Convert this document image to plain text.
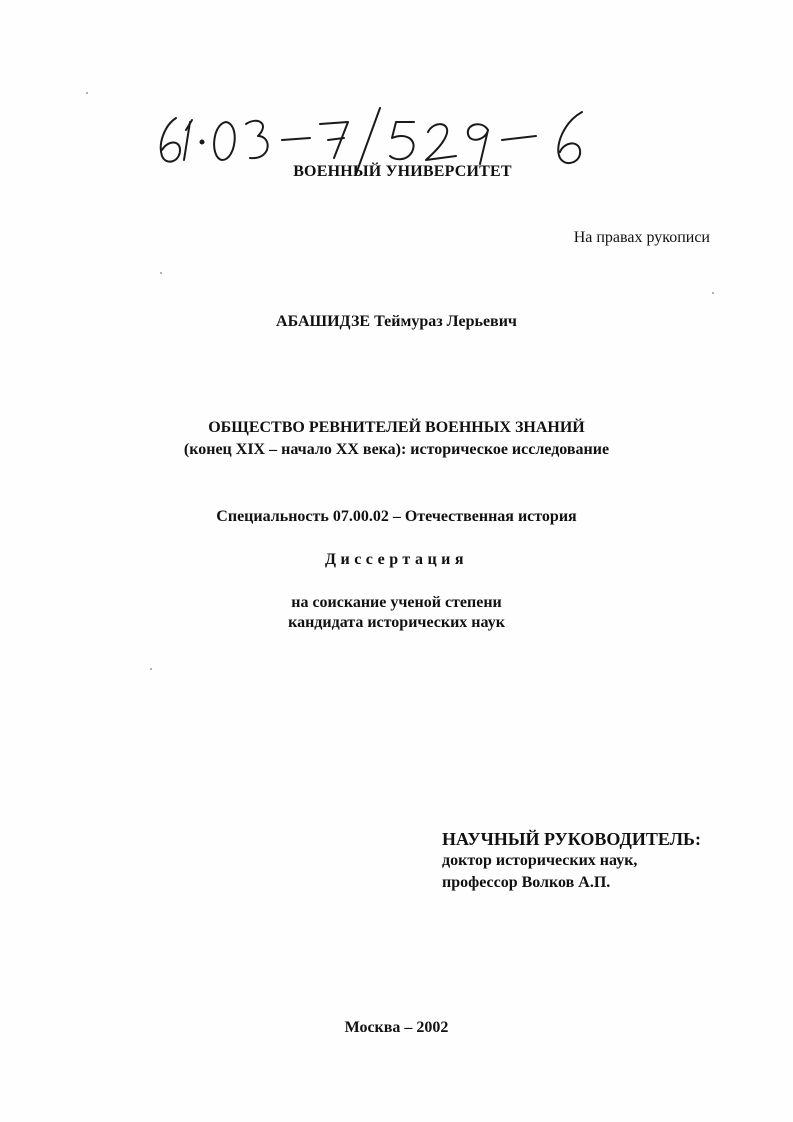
ВОЕННЫЙ УНИВЕРСИТЕТ
На правах рукописи
АБАШИДЗЕ Теймураз Лерьевич
ОБЩЕСТВО РЕВНИТЕЛЕЙ ВОЕННЫХ ЗНАНИЙ
(конец XIX – начало XX века): историческое исследование
Специальность 07.00.02 – Отечественная история
Диссертация
на соискание ученой степени
кандидата исторических наук
НАУЧНЫЙ РУКОВОДИТЕЛЬ:
доктор исторических наук,
профессор Волков А.П.
Москва – 2002
